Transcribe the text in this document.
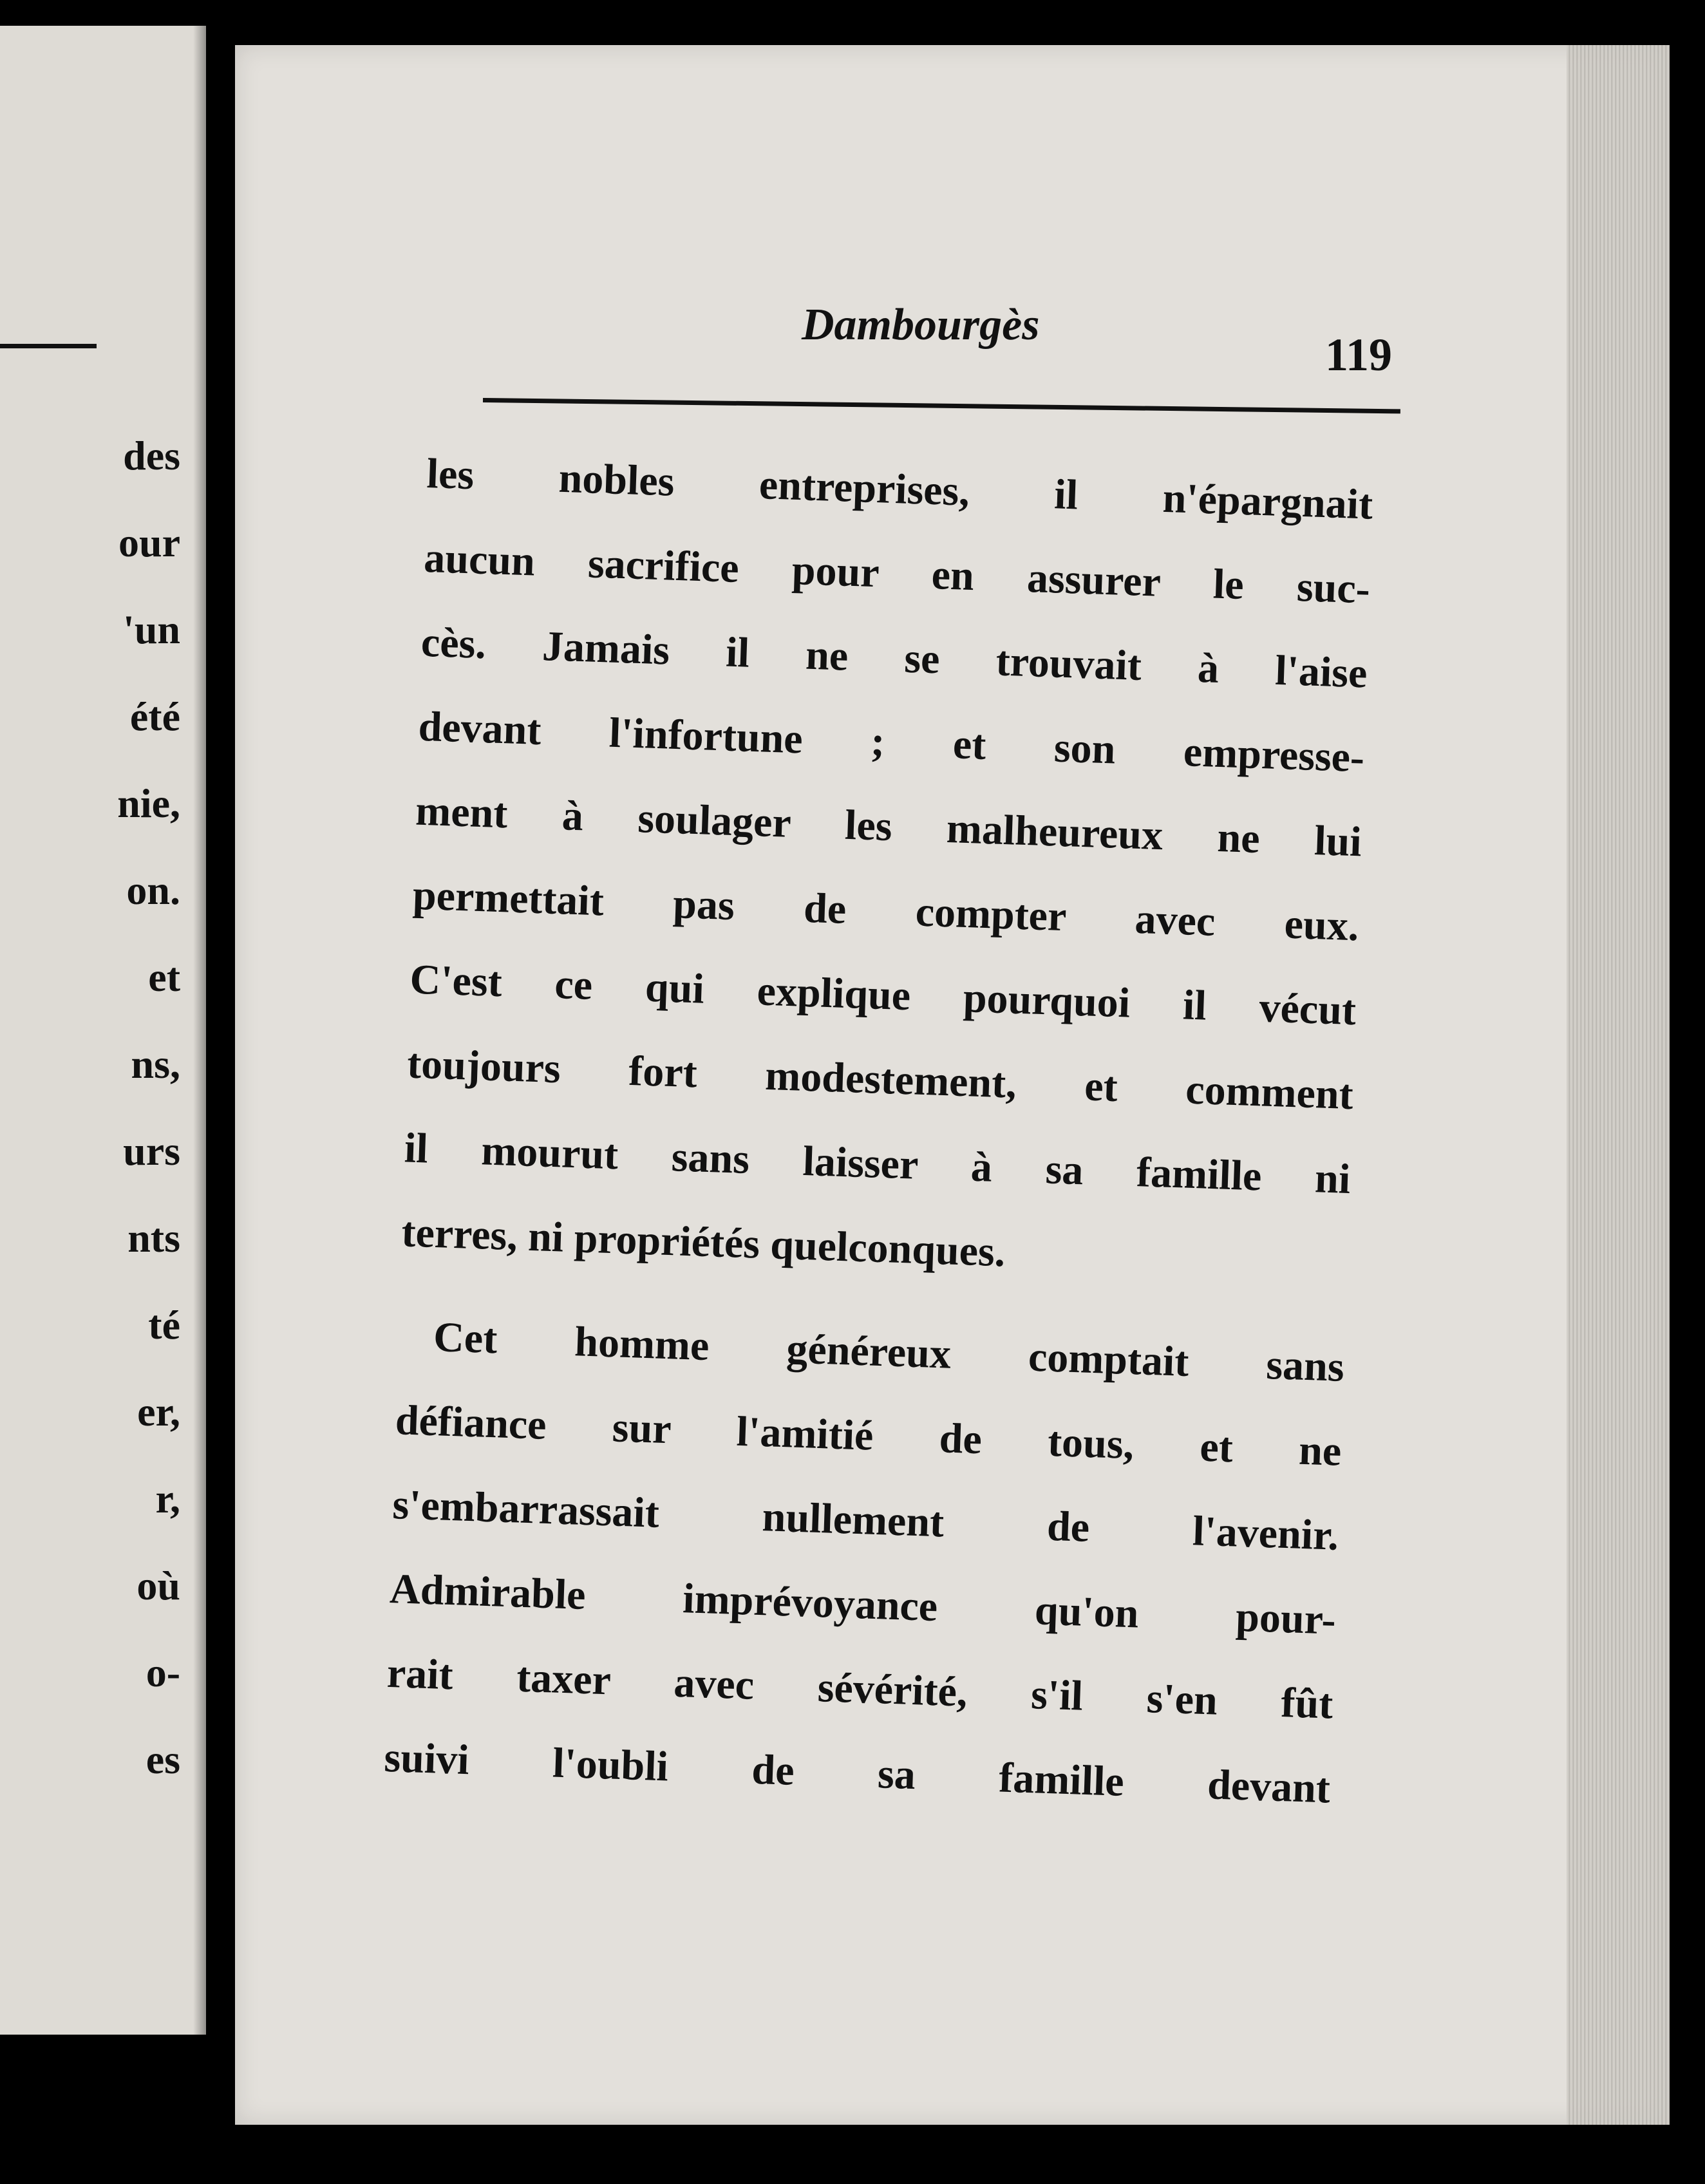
des
our
'un
été
nie,
on.
et
ns,
urs
nts
té
er,
r,
où
o-
es
Dambourgès
119
les nobles entreprises, il n'épargnait
aucun sacrifice pour en assurer le suc-
cès. Jamais il ne se trouvait à l'aise
devant l'infortune ; et son empresse-
ment à soulager les malheureux ne lui
permettait pas de compter avec eux.
C'est ce qui explique pourquoi il vécut
toujours fort modestement, et comment
il mourut sans laisser à sa famille ni
terres, ni propriétés quelconques.
Cet homme généreux comptait sans
défiance sur l'amitié de tous, et ne
s'embarrassait nullement de l'avenir.
Admirable imprévoyance qu'on pour-
rait taxer avec sévérité, s'il s'en fût
suivi l'oubli de sa famille devant
